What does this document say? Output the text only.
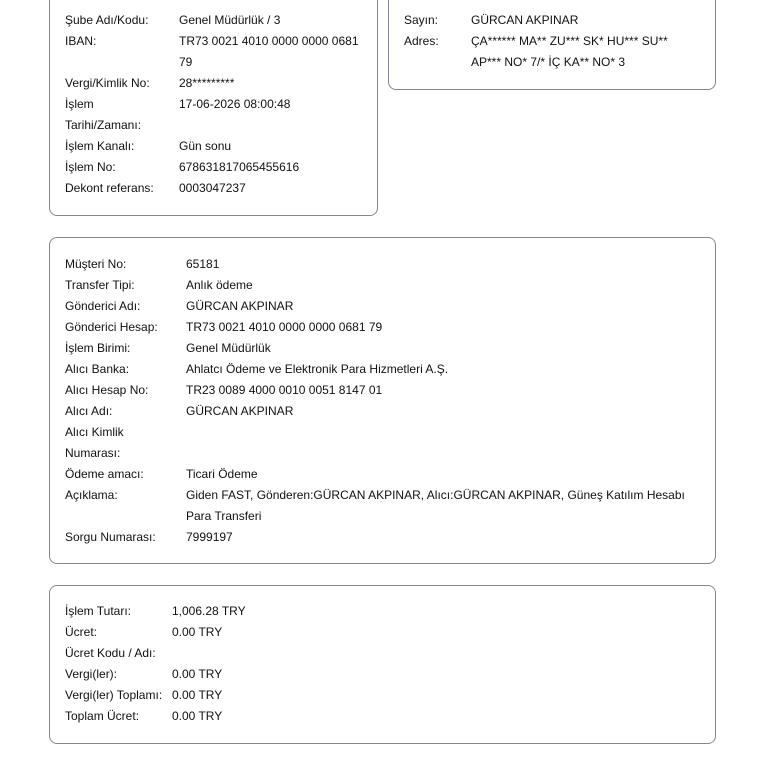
Şube Adı/Kodu:	Genel Müdürlük / 3
IBAN:	TR73 0021 4010 0000 0000 0681 79
Vergi/Kimlik No: 28*********
İşlem Tarihi/Zamanı:
17-06-2026 08:00:48
İşlem Kanalı:	Gün sonu
İşlem No:	678631817065455616
Dekont referans: 0003047237
Sayın:	GÜRCAN AKPINAR
Adres:	ÇA****** MA** ZU*** SK* HU*** SU** AP*** NO* 7/* İÇ KA** NO* 3
Müşteri No:	65181
Transfer Tipi:	Anlık ödeme
Gönderici Adı:	GÜRCAN AKPINAR
Gönderici Hesap: TR73 0021 4010 0000 0000 0681 79
İşlem Birimi:	Genel Müdürlük
Alıcı Banka:	Ahlatcı Ödeme ve Elektronik Para Hizmetleri A.Ş.
Alıcı Hesap No:	TR23 0089 4000 0010 0051 8147 01
Alıcı Adı:	GÜRCAN AKPINAR
Alıcı Kimlik Numarası:
Ödeme amacı:	Ticari Ödeme
Açıklama:	Giden FAST, Gönderen:GÜRCAN AKPINAR, Alıcı:GÜRCAN AKPINAR, Güneş Katılım Hesabı Para Transferi
Sorgu Numarası:	7999197
İşlem Tutarı:	1,006.28 TRY
Ücret:	0.00 TRY
Ücret Kodu / Adı:
Vergi(ler):	0.00 TRY
Vergi(ler) Toplamı: 0.00 TRY
Toplam Ücret:	0.00 TRY
